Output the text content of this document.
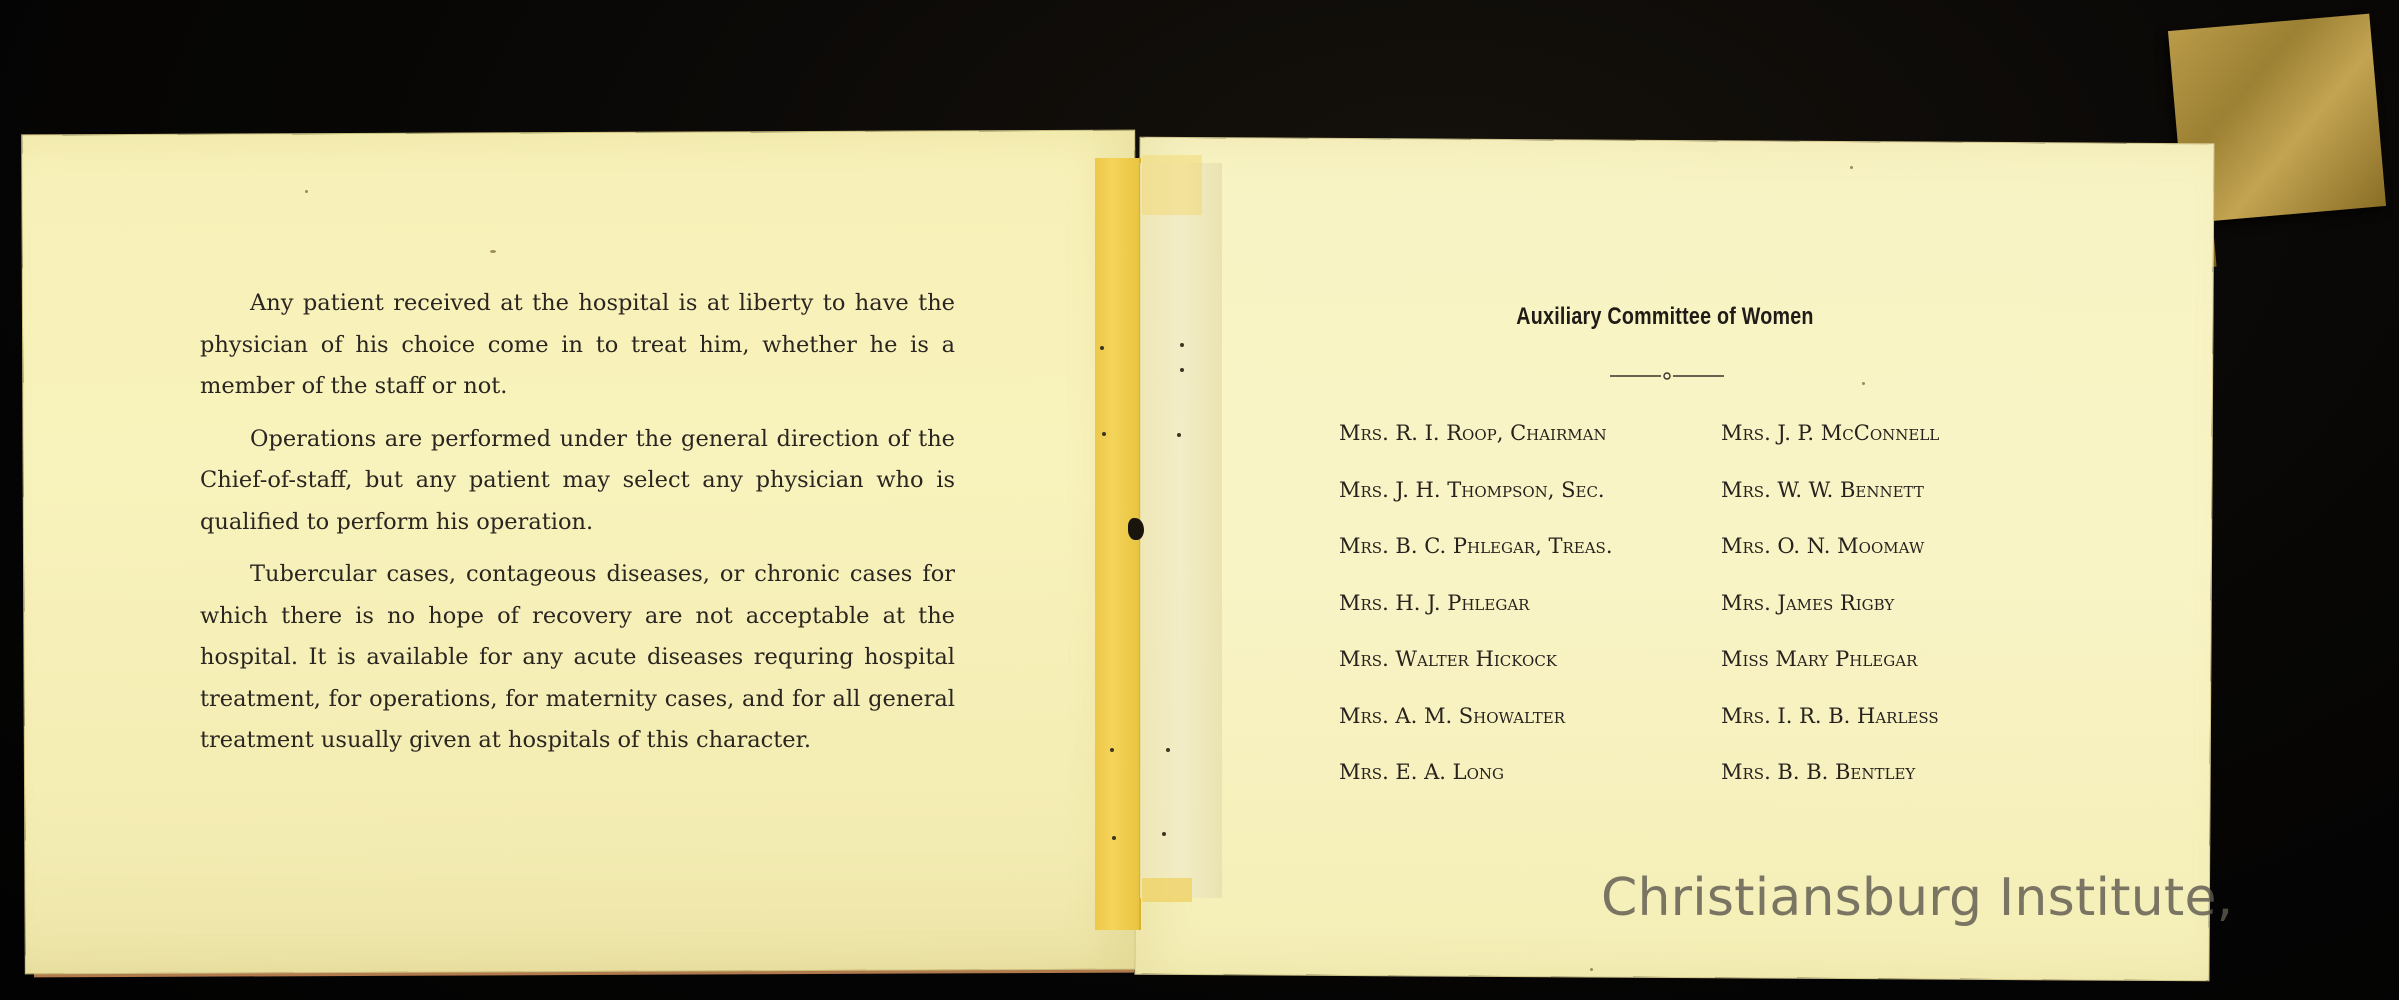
Any patient received at the hospital is at liberty to have the physician of his choice come in to treat him, whether he is a member of the staff or not.

Operations are performed under the general direction of the Chief-of-staff, but any patient may select any physician who is qualified to perform his operation.

Tubercular cases, contageous diseases, or chronic cases for which there is no hope of recovery are not acceptable at the hospital. It is available for any acute diseases requring hospital treatment, for operations, for maternity cases, and for all general treatment usually given at hospitals of this character.

Auxiliary Committee of Women
Mrs. R. I. Roop, Chairman	Mrs. J. P. McConnell
Mrs. J. H. Thompson, Sec.	Mrs. W. W. Bennett
Mrs. B. C. Phlegar, Treas.	Mrs. O. N. Moomaw
Mrs. H. J. Phlegar	Mrs. James Rigby
Mrs. Walter Hickock	Miss Mary Phlegar
Mrs. A. M. Showalter	Mrs. I. R. B. Harless
Mrs. E. A. Long	Mrs. B. B. Bentley
Christiansburg Institute,
